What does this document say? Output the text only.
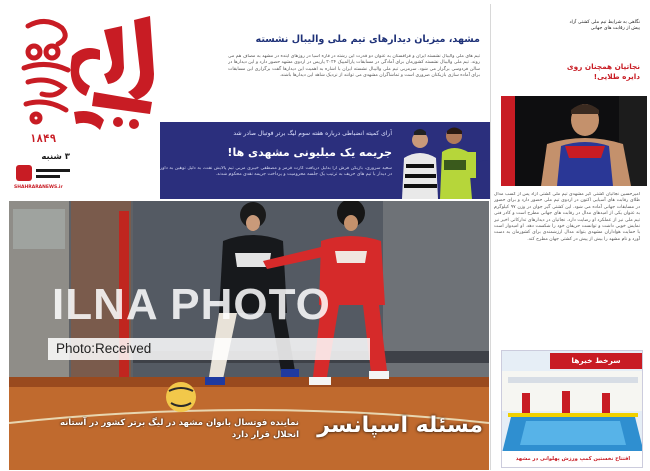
۱۸۴۹
۳ شنبه
SHAHRARANEWS.ir
مشهد، میزبان دیدارهای تیم ملی والیبال نشسته
تیم های ملی والیبال نشسته ایران و قزاقستان به عنوان دو قدرت این رشته در قاره آسیا در روزهای آینده در مشهد به مصاف هم می روند. تیم ملی والیبال نشسته کشورمان برای آمادگی در مسابقات پارالمپیک ۲۰۲۴ پاریس در اردوی مشهد حضور دارد و این دیدارها در سالن فردوسی برگزار می شود. سرمربی تیم ملی والیبال نشسته ایران با اشاره به اهمیت این دیدارها گفت برگزاری این مسابقات برای آماده سازی بازیکنان ضروری است و تماشاگران مشهدی می توانند از نزدیک شاهد این دیدارها باشند.
آرای کمیته انضباطی درباره هفته سوم لیگ برتر فوتبال صادر شد
جریمه یک میلیونی مشهدی ها!
سعید سروری، بازیکن فرش آرا بدلیل دریافت کارت قرمز و مصطفی خیبری مربی تیم پالایش نفت، به دلیل توهین به داور در دیدار با تیم های حریف به ترتیب یک جلسه محرومیت و پرداخت جریمه نقدی محکوم شدند.
نگاهی به شرایط تیم ملی کشتی آزاد پیش از رقابت های جهانی
نجاتیان همچنان روی دایره طلایی!
امیرحسین نجاتیان کشتی گیر مشهدی تیم ملی کشتی آزاد پس از کسب مدال طلای رقابت های آسیایی اکنون در اردوی تیم ملی حضور دارد و برای حضور در مسابقات جهانی آماده می شود. این کشتی گیر جوان در وزن ۹۷ کیلوگرم به عنوان یکی از امیدهای مدال در رقابت های جهانی مطرح است و کادر فنی تیم ملی نیز از عملکرد او رضایت دارد. نجاتیان در دیدارهای تدارکاتی اخیر نیز نمایش خوبی داشت و توانست حریفان خود را شکست دهد. او امیدوار است با حمایت هواداران مشهدی بتواند مدال ارزشمندی برای کشورمان به دست آورد و نام مشهد را بیش از پیش در کشتی جهان مطرح کند.
سرخط خبرها
افتتاح نخستین کمپ ورزش پهلوانی در مشهد
مسئله اسپانسر
نماینده فوتسال بانوان مشهد در لیگ برتر کشور در آستانه انحلال قرار دارد
ILNA PHOTO
Photo:Received
